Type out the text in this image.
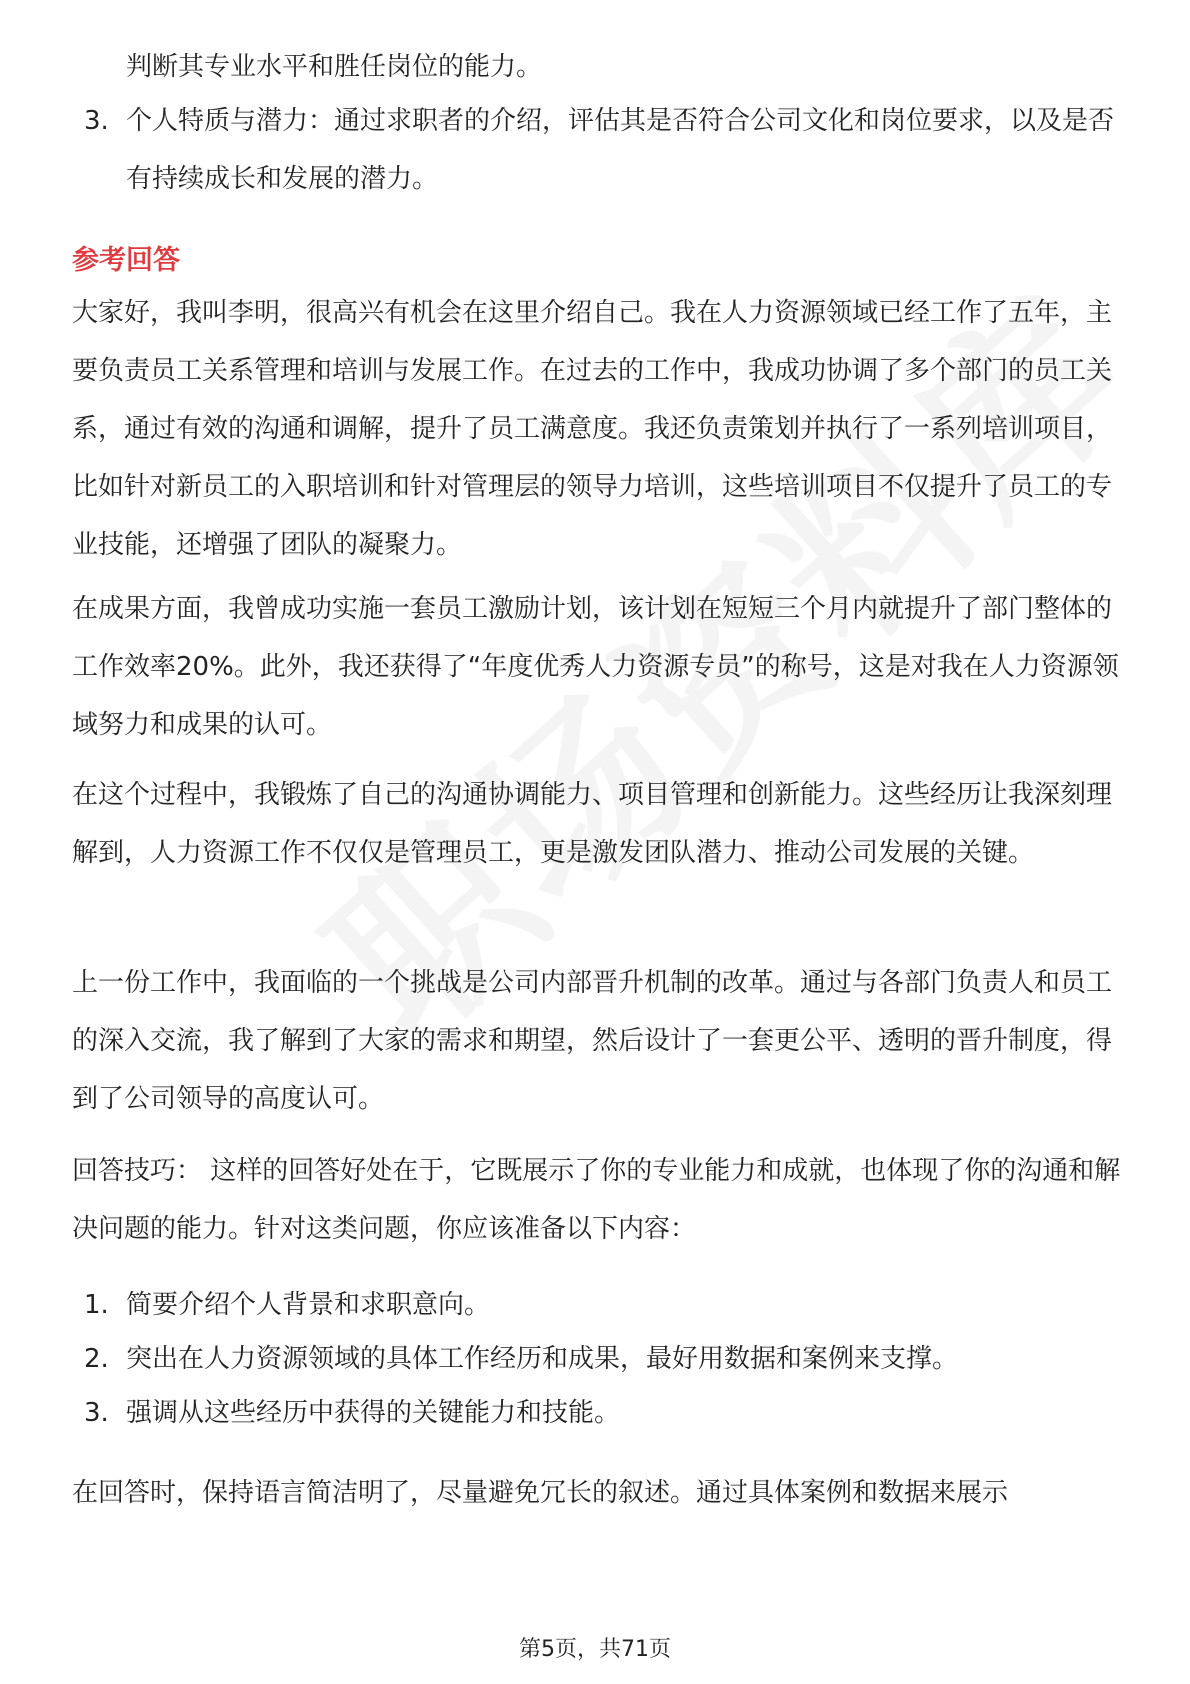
判断其专业水平和胜任岗位的能力。
3. 个人特质与潜力：通过求职者的介绍，评估其是否符合公司文化和岗位要求，以及是否有持续成长和发展的潜力。
参考回答
大家好，我叫李明，很高兴有机会在这里介绍自己。我在人力资源领域已经工作了五年，主要负责员工关系管理和培训与发展工作。在过去的工作中，我成功协调了多个部门的员工关系，通过有效的沟通和调解，提升了员工满意度。我还负责策划并执行了一系列培训项目，比如针对新员工的入职培训和针对管理层的领导力培训，这些培训项目不仅提升了员工的专业技能，还增强了团队的凝聚力。
在成果方面，我曾成功实施一套员工激励计划，该计划在短短三个月内就提升了部门整体的工作效率20%。此外，我还获得了“年度优秀人力资源专员”的称号，这是对我在人力资源领域努力和成果的认可。
在这个过程中，我锻炼了自己的沟通协调能力、项目管理和创新能力。这些经历让我深刻理解到，人力资源工作不仅仅是管理员工，更是激发团队潜力、推动公司发展的关键。
上一份工作中，我面临的一个挑战是公司内部晋升机制的改革。通过与各部门负责人和员工的深入交流，我了解到了大家的需求和期望，然后设计了一套更公平、透明的晋升制度，得到了公司领导的高度认可。
回答技巧： 这样的回答好处在于，它既展示了你的专业能力和成就，也体现了你的沟通和解决问题的能力。针对这类问题，你应该准备以下内容：
1. 简要介绍个人背景和求职意向。
2. 突出在人力资源领域的具体工作经历和成果，最好用数据和案例来支撑。
3. 强调从这些经历中获得的关键能力和技能。
在回答时，保持语言简洁明了，尽量避免冗长的叙述。通过具体案例和数据来展示
第5页，共71页
